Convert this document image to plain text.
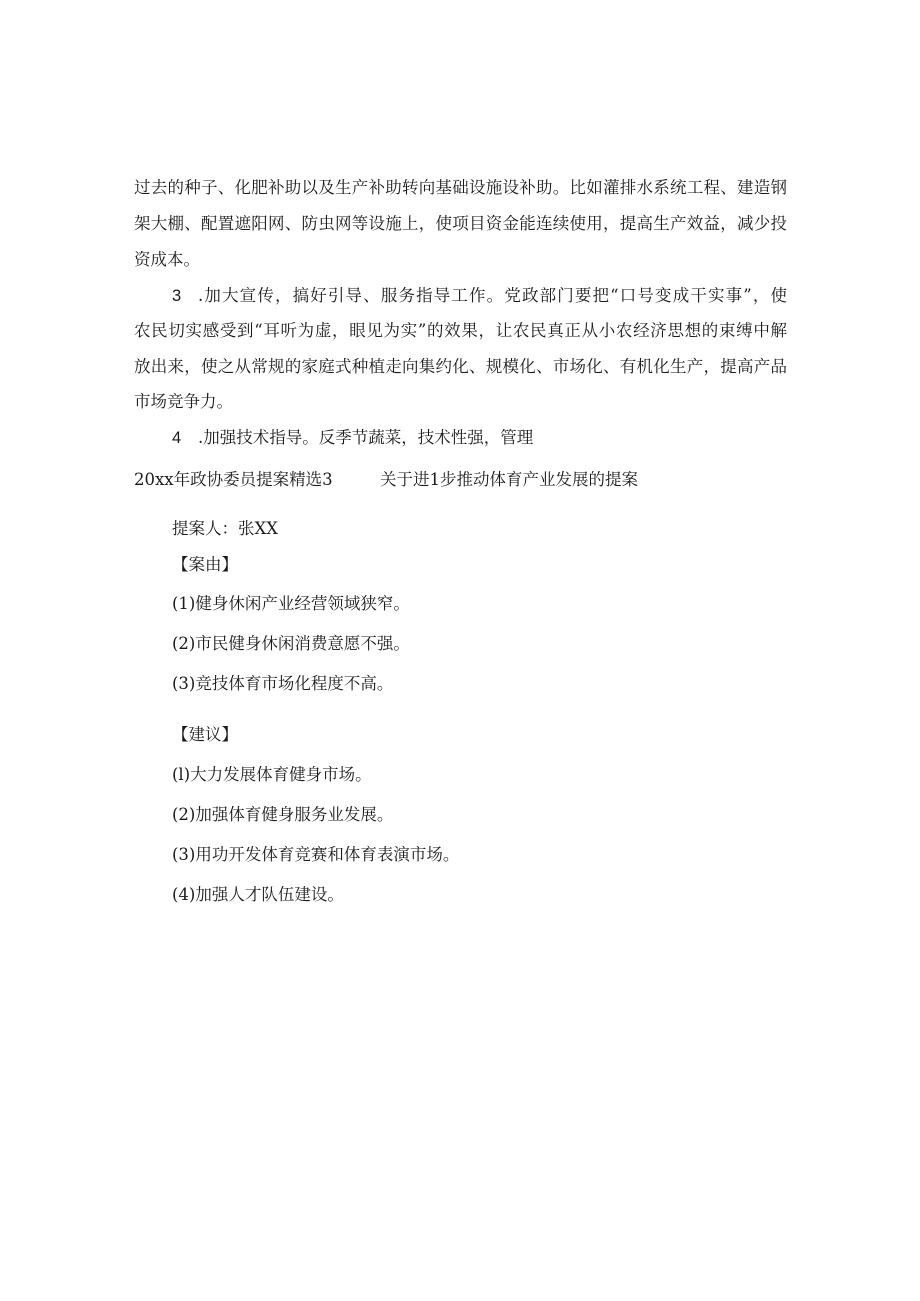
过去的种子、化肥补助以及生产补助转向基础设施设补助。比如灌排水系统工程、建造钢
架大棚、配置遮阳网、防虫网等设施上，使项目资金能连续使用，提高生产效益，减少投
资成本。
3 .加大宣传，搞好引导、服务指导工作。党政部门要把“口号变成干实事”，使
农民切实感受到“耳听为虚，眼见为实”的效果，让农民真正从小农经济思想的束缚中解
放出来，使之从常规的家庭式种植走向集约化、规模化、市场化、有机化生产，提高产品
市场竞争力。
4 .加强技术指导。反季节蔬菜，技术性强，管理
20xx年政协委员提案精选3	关于进1步推动体育产业发展的提案
提案人：张XX
【案由】
(1)健身休闲产业经营领域狭窄。
(2)市民健身休闲消费意愿不强。
(3)竞技体育市场化程度不高。
【建议】
(l)大力发展体育健身市场。
(2)加强体育健身服务业发展。
(3)用功开发体育竞赛和体育表演市场。
(4)加强人才队伍建设。
